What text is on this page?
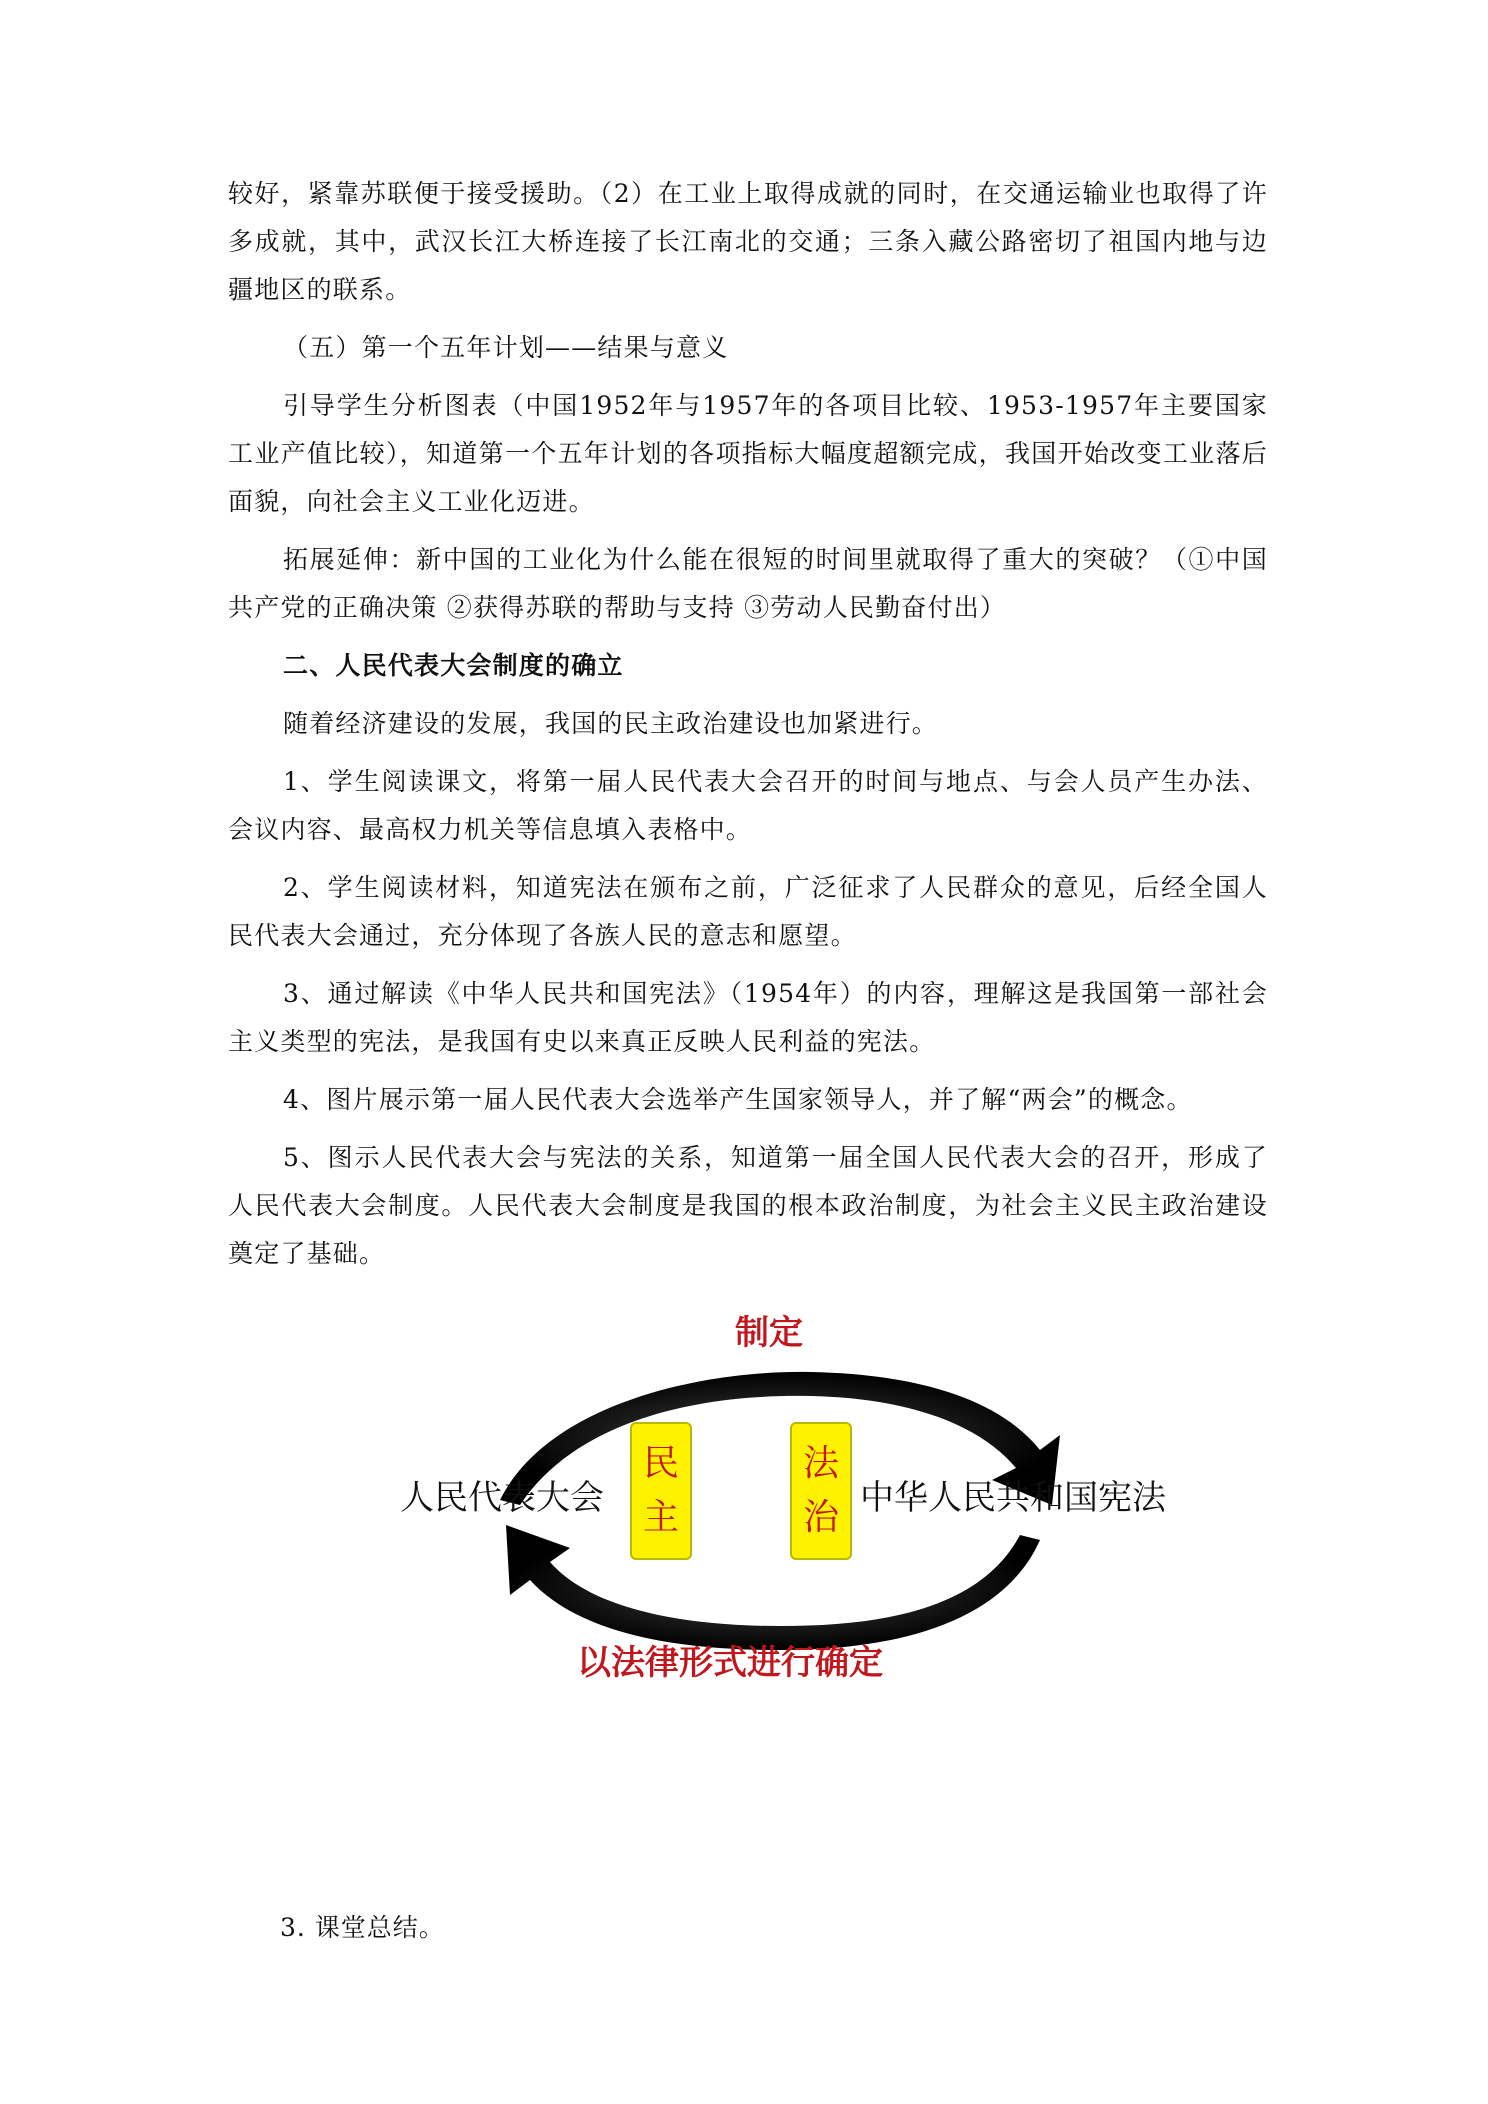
较好，紧靠苏联便于接受援助。（2）在工业上取得成就的同时，在交通运输业也取得了许多成就，其中，武汉长江大桥连接了长江南北的交通；三条入藏公路密切了祖国内地与边疆地区的联系。

（五）第一个五年计划——结果与意义

引导学生分析图表（中国1952年与1957年的各项目比较、1953-1957年主要国家工业产值比较），知道第一个五年计划的各项指标大幅度超额完成，我国开始改变工业落后面貌，向社会主义工业化迈进。

拓展延伸：新中国的工业化为什么能在很短的时间里就取得了重大的突破？（①中国共产党的正确决策 ②获得苏联的帮助与支持 ③劳动人民勤奋付出）

二、人民代表大会制度的确立

随着经济建设的发展，我国的民主政治建设也加紧进行。

1、学生阅读课文，将第一届人民代表大会召开的时间与地点、与会人员产生办法、会议内容、最高权力机关等信息填入表格中。

2、学生阅读材料，知道宪法在颁布之前，广泛征求了人民群众的意见，后经全国人民代表大会通过，充分体现了各族人民的意志和愿望。

3、通过解读《中华人民共和国宪法》（1954年）的内容，理解这是我国第一部社会主义类型的宪法，是我国有史以来真正反映人民利益的宪法。

4、图片展示第一届人民代表大会选举产生国家领导人，并了解“两会”的概念。

5、图示人民代表大会与宪法的关系，知道第一届全国人民代表大会的召开，形成了人民代表大会制度。人民代表大会制度是我国的根本政治制度，为社会主义民主政治建设奠定了基础。

制定
以法律形式进行确定
人民代表大会	中华人民共和国宪法
民
主
法
治
3. 课堂总结。
